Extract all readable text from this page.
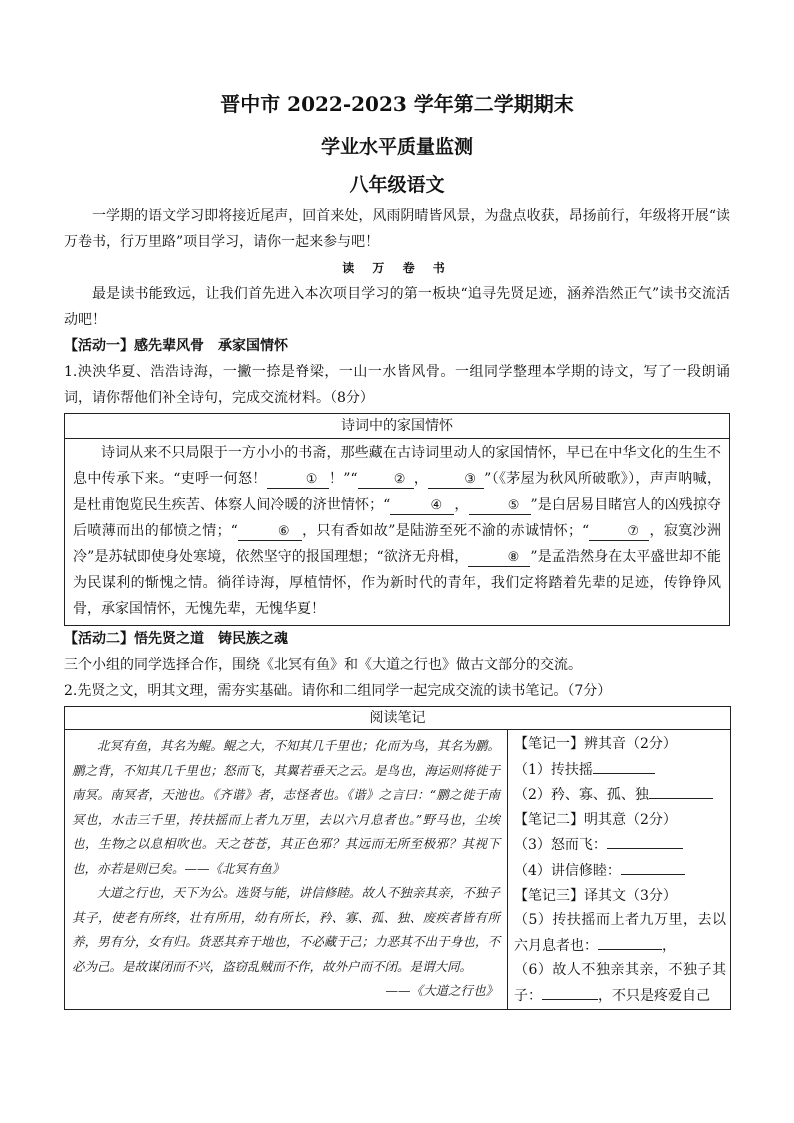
晋中市 2022-2023 学年第二学期期末

学业水平质量监测

八年级语文

一学期的语文学习即将接近尾声，回首来处，风雨阴晴皆风景，为盘点收获，昂扬前行，年级将开展“读万卷书，行万里路”项目学习，请你一起来参与吧！

读 万 卷 书

最是读书能致远，让我们首先进入本次项目学习的第一板块“追寻先贤足迹，涵养浩然正气”读书交流活动吧！

【活动一】感先辈风骨　承家国情怀

1.泱泱华夏、浩浩诗海，一撇一捺是脊梁，一山一水皆风骨。一组同学整理本学期的诗文，写了一段朗诵词，请你帮他们补全诗句，完成交流材料。（8分）

诗词中的家国情怀

诗词从来不只局限于一方小小的书斋，那些藏在古诗词里动人的家国情怀，早已在中华文化的生生不息中传承下来。“吏呼一何怒！	① ！”“	② ，	③ ”（《茅屋为秋风所破歌》），声声呐喊，是杜甫饱览民生疾苦、体察人间冷暖的济世情怀；“	④ ，	⑤ ”是白居易目睹宫人的凶残掠夺后喷薄而出的郁愤之情；“	⑥ ，只有香如故”是陆游至死不渝的赤诚情怀；“	⑦ ，寂寞沙洲冷”是苏轼即使身处寒境，依然坚守的报国理想；“欲济无舟楫，	⑧ ”是孟浩然身在太平盛世却不能为民谋利的惭愧之情。徜徉诗海，厚植情怀，作为新时代的青年，我们定将踏着先辈的足迹，传铮铮风骨，承家国情怀，无愧先辈，无愧华夏！

【活动二】悟先贤之道　铸民族之魂

三个小组的同学选择合作，围绕《北冥有鱼》和《大道之行也》做古文部分的交流。

2.先贤之文，明其文理，需夯实基础。请你和二组同学一起完成交流的读书笔记。（7分）

阅读笔记

北冥有鱼，其名为鲲。鲲之大，不知其几千里也；化而为鸟，其名为鹏。鹏之背，不知其几千里也；怒而飞，其翼若垂天之云。是鸟也，海运则将徙于南冥。南冥者，天池也。《齐谐》者，志怪者也。《谐》之言曰：“鹏之徙于南冥也，水击三千里，抟扶摇而上者九万里，去以六月息者也。”野马也，尘埃也，生物之以息相吹也。天之苍苍，其正色邪？其远而无所至极邪？其视下也，亦若是则已矣。——《北冥有鱼》

大道之行也，天下为公。选贤与能，讲信修睦。故人不独亲其亲，不独子其子，使老有所终，壮有所用，幼有所长，矜、寡、孤、独、废疾者皆有所养，男有分，女有归。货恶其弃于地也，不必藏于己；力恶其不出于身也，不必为己。是故谋闭而不兴，盗窃乱贼而不作，故外户而不闭。是谓大同。

——《大道之行也》

【笔记一】辨其音（2分）

（1）抟扶摇

（2）矜、寡、孤、独

【笔记二】明其意（2分）

（3）怒而飞：

（4）讲信修睦：

【笔记三】译其文（3分）

（5）抟扶摇而上者九万里，去以六月息者也：	，

（6）故人不独亲其亲，不独子其子：	，不只是疼爱自己
